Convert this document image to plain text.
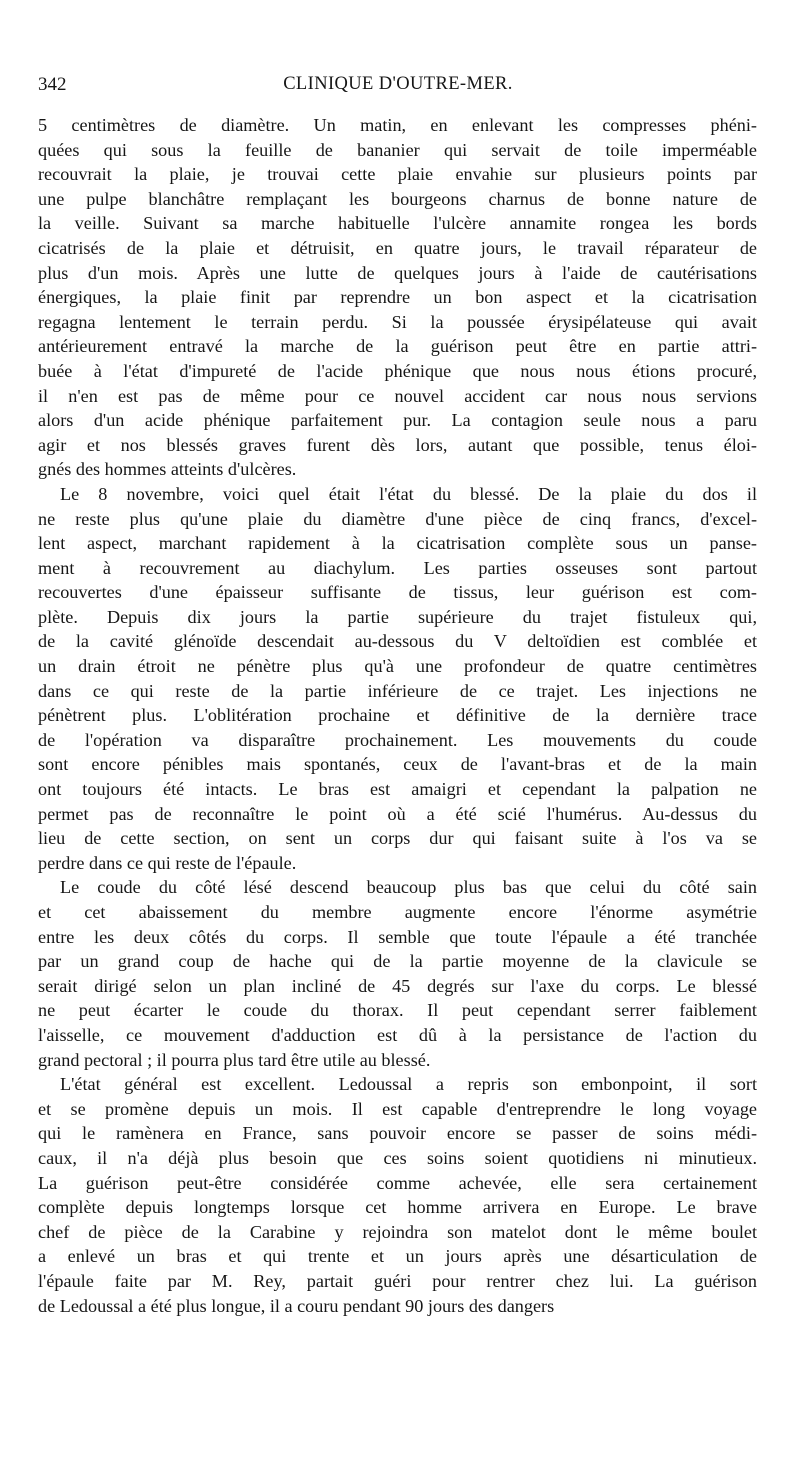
342	CLINIQUE D'OUTRE-MER.
5 centimètres de diamètre. Un matin, en enlevant les compresses phéni-
quées qui sous la feuille de bananier qui servait de toile imperméable
recouvrait la plaie, je trouvai cette plaie envahie sur plusieurs points par
une pulpe blanchâtre remplaçant les bourgeons charnus de bonne nature de
la veille. Suivant sa marche habituelle l'ulcère annamite rongea les bords
cicatrisés de la plaie et détruisit, en quatre jours, le travail réparateur de
plus d'un mois. Après une lutte de quelques jours à l'aide de cautérisations
énergiques, la plaie finit par reprendre un bon aspect et la cicatrisation
regagna lentement le terrain perdu. Si la poussée érysipélateuse qui avait
antérieurement entravé la marche de la guérison peut être en partie attri-
buée à l'état d'impureté de l'acide phénique que nous nous étions procuré,
il n'en est pas de même pour ce nouvel accident car nous nous servions
alors d'un acide phénique parfaitement pur. La contagion seule nous a paru
agir et nos blessés graves furent dès lors, autant que possible, tenus éloi-
gnés des hommes atteints d'ulcères.
Le 8 novembre, voici quel était l'état du blessé. De la plaie du dos il
ne reste plus qu'une plaie du diamètre d'une pièce de cinq francs, d'excel-
lent aspect, marchant rapidement à la cicatrisation complète sous un panse-
ment à recouvrement au diachylum. Les parties osseuses sont partout
recouvertes d'une épaisseur suffisante de tissus, leur guérison est com-
plète. Depuis dix jours la partie supérieure du trajet fistuleux qui,
de la cavité glénoïde descendait au-dessous du V deltoïdien est comblée et
un drain étroit ne pénètre plus qu'à une profondeur de quatre centimètres
dans ce qui reste de la partie inférieure de ce trajet. Les injections ne
pénètrent plus. L'oblitération prochaine et définitive de la dernière trace
de l'opération va disparaître prochainement. Les mouvements du coude
sont encore pénibles mais spontanés, ceux de l'avant-bras et de la main
ont toujours été intacts. Le bras est amaigri et cependant la palpation ne
permet pas de reconnaître le point où a été scié l'humérus. Au-dessus du
lieu de cette section, on sent un corps dur qui faisant suite à l'os va se
perdre dans ce qui reste de l'épaule.
Le coude du côté lésé descend beaucoup plus bas que celui du côté sain
et cet abaissement du membre augmente encore l'énorme asymétrie
entre les deux côtés du corps. Il semble que toute l'épaule a été tranchée
par un grand coup de hache qui de la partie moyenne de la clavicule se
serait dirigé selon un plan incliné de 45 degrés sur l'axe du corps. Le blessé
ne peut écarter le coude du thorax. Il peut cependant serrer faiblement
l'aisselle, ce mouvement d'adduction est dû à la persistance de l'action du
grand pectoral ; il pourra plus tard être utile au blessé.
L'état général est excellent. Ledoussal a repris son embonpoint, il sort
et se promène depuis un mois. Il est capable d'entreprendre le long voyage
qui le ramènera en France, sans pouvoir encore se passer de soins médi-
caux, il n'a déjà plus besoin que ces soins soient quotidiens ni minutieux.
La guérison peut-être considérée comme achevée, elle sera certainement
complète depuis longtemps lorsque cet homme arrivera en Europe. Le brave
chef de pièce de la Carabine y rejoindra son matelot dont le même boulet
a enlevé un bras et qui trente et un jours après une désarticulation de
l'épaule faite par M. Rey, partait guéri pour rentrer chez lui. La guérison
de Ledoussal a été plus longue, il a couru pendant 90 jours des dangers
